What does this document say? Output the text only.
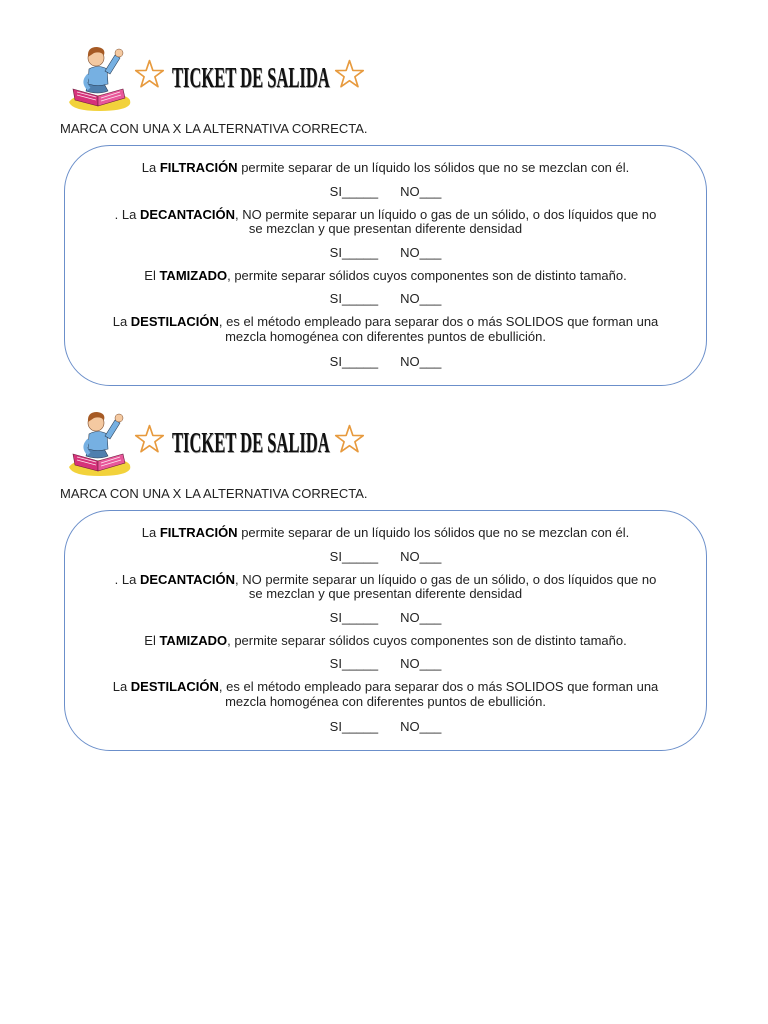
TICKET DE SALIDA

MARCA CON UNA X LA ALTERNATIVA CORRECTA.

La FILTRACIÓN permite separar de un líquido los sólidos que no se mezclan con él.

SI_____ NO___

. La DECANTACIÓN, NO permite separar un líquido o gas de un sólido, o dos líquidos que no

se mezclan y que presentan diferente densidad

SI_____ NO___

El TAMIZADO, permite separar sólidos cuyos componentes son de distinto tamaño.

SI_____ NO___

La DESTILACIÓN, es el método empleado para separar dos o más SOLIDOS que forman una

mezcla homogénea con diferentes puntos de ebullición.

SI_____ NO___
TICKET DE SALIDA

MARCA CON UNA X LA ALTERNATIVA CORRECTA.

La FILTRACIÓN permite separar de un líquido los sólidos que no se mezclan con él.

SI_____ NO___

. La DECANTACIÓN, NO permite separar un líquido o gas de un sólido, o dos líquidos que no

se mezclan y que presentan diferente densidad

SI_____ NO___

El TAMIZADO, permite separar sólidos cuyos componentes son de distinto tamaño.

SI_____ NO___

La DESTILACIÓN, es el método empleado para separar dos o más SOLIDOS que forman una

mezcla homogénea con diferentes puntos de ebullición.

SI_____ NO___
